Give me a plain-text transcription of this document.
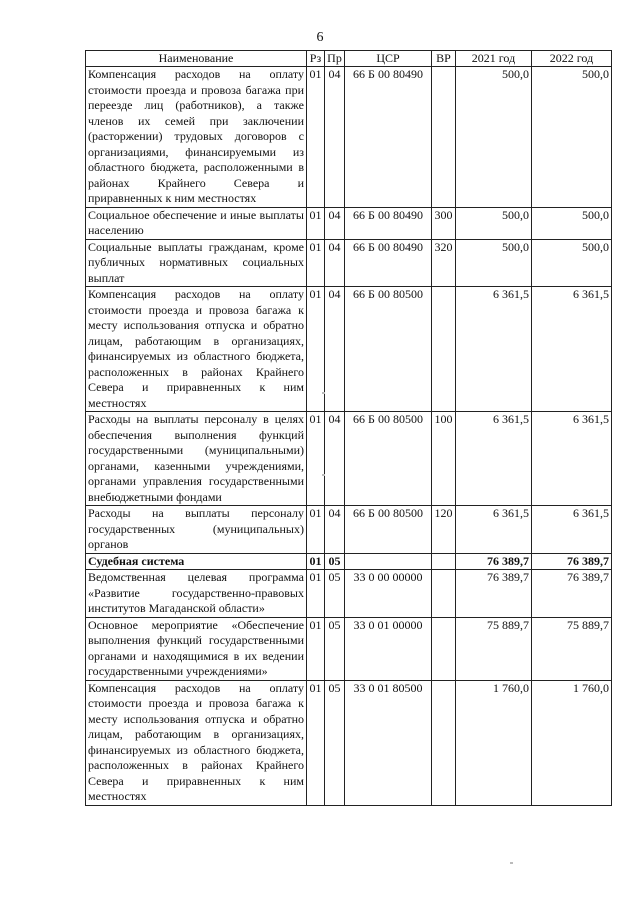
6
Наименование	Рз	Пр	ЦСР	ВР	2021 год	2022 год
Компенсация расходов на оплату стоимости проезда и провоза багажа при переезде лиц (работников), а также членов их семей при заключении (расторжении) трудовых договоров с организациями, финансируемыми из областного бюджета, расположенными в районах Крайнего Севера и приравненных к ним местностях	01	04	66 Б 00 80490		500,0	500,0
Социальное обеспечение и иные выплаты населению	01	04	66 Б 00 80490	300	500,0	500,0
Социальные выплаты гражданам, кроме публичных нормативных социальных выплат	01	04	66 Б 00 80490	320	500,0	500,0
Компенсация расходов на оплату стоимости проезда и провоза багажа к месту использования отпуска и обратно лицам, работающим в организациях, финансируемых из областного бюджета, расположенных в районах Крайнего Севера и приравненных к ним местностях	01	04	66 Б 00 80500		6 361,5	6 361,5
Расходы на выплаты персоналу в целях обеспечения выполнения функций государственными (муниципальными) органами, казенными учреждениями, органами управления государственными внебюджетными фондами	01	04	66 Б 00 80500	100	6 361,5	6 361,5
Расходы на выплаты персоналу государственных (муниципальных) органов	01	04	66 Б 00 80500	120	6 361,5	6 361,5
Судебная система	01	05			76 389,7	76 389,7
Ведомственная целевая программа «Развитие государственно-правовых институтов Магаданской области»	01	05	33 0 00 00000		76 389,7	76 389,7
Основное мероприятие «Обеспечение выполнения функций государственными органами и находящимися в их ведении государственными учреждениями»	01	05	33 0 01 00000		75 889,7	75 889,7
Компенсация расходов на оплату стоимости проезда и провоза багажа к месту использования отпуска и обратно лицам, работающим в организациях, финансируемых из областного бюджета, расположенных в районах Крайнего Севера и приравненных к ним местностях	01	05	33 0 01 80500		1 760,0	1 760,0
